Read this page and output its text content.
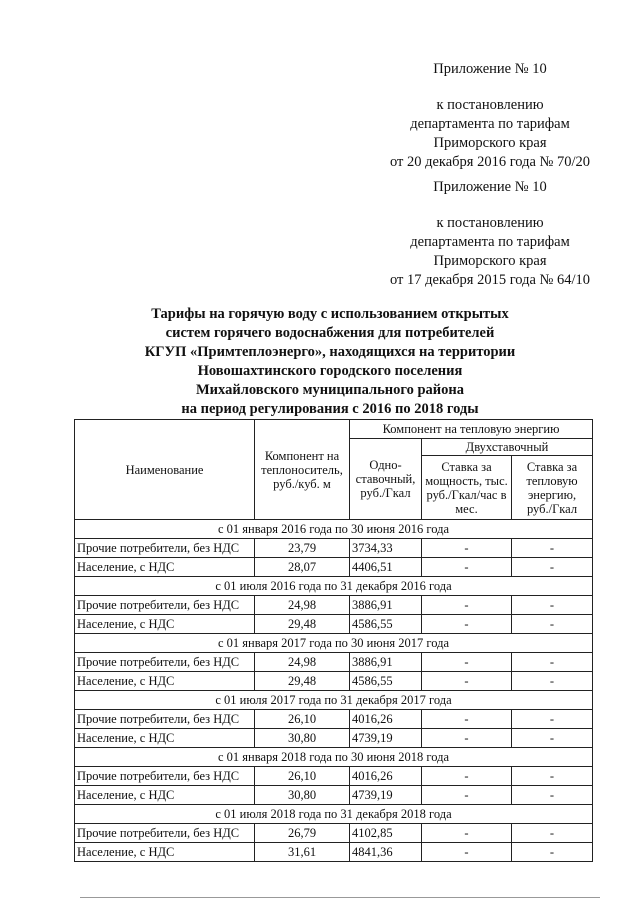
Приложение № 10
к постановлению
департамента по тарифам
Приморского края
от 20 декабря 2016 года № 70/20
Приложение № 10
к постановлению
департамента по тарифам
Приморского края
от 17 декабря 2015 года № 64/10
Тарифы на горячую воду с использованием открытых
систем горячего водоснабжения для потребителей
КГУП «Примтеплоэнерго», находящихся на территории
Новошахтинского городского поселения
Михайловского муниципального района
на период регулирования с 2016 по 2018 годы
Наименование	Компонент на теплоноситель, руб./куб. м	Компонент на тепловую энергию		
		Одно-ставочный, руб./Гкал	Двухставочный	
			Ставка за мощность, тыс. руб./Гкал/час в мес.	Ставка за тепловую энергию, руб./Гкал
с 01 января 2016 года по 30 июня 2016 года				
Прочие потребители, без НДС	23,79	3734,33	-	-
Население, с НДС	28,07	4406,51	-	-
с 01 июля 2016 года по 31 декабря 2016 года				
Прочие потребители, без НДС	24,98	3886,91	-	-
Население, с НДС	29,48	4586,55	-	-
с 01 января 2017 года по 30 июня 2017 года				
Прочие потребители, без НДС	24,98	3886,91	-	-
Население, с НДС	29,48	4586,55	-	-
с 01 июля 2017 года по 31 декабря 2017 года				
Прочие потребители, без НДС	26,10	4016,26	-	-
Население, с НДС	30,80	4739,19	-	-
с 01 января 2018 года по 30 июня 2018 года				
Прочие потребители, без НДС	26,10	4016,26	-	-
Население, с НДС	30,80	4739,19	-	-
с 01 июля 2018 года по 31 декабря 2018 года				
Прочие потребители, без НДС	26,79	4102,85	-	-
Население, с НДС	31,61	4841,36	-	-
